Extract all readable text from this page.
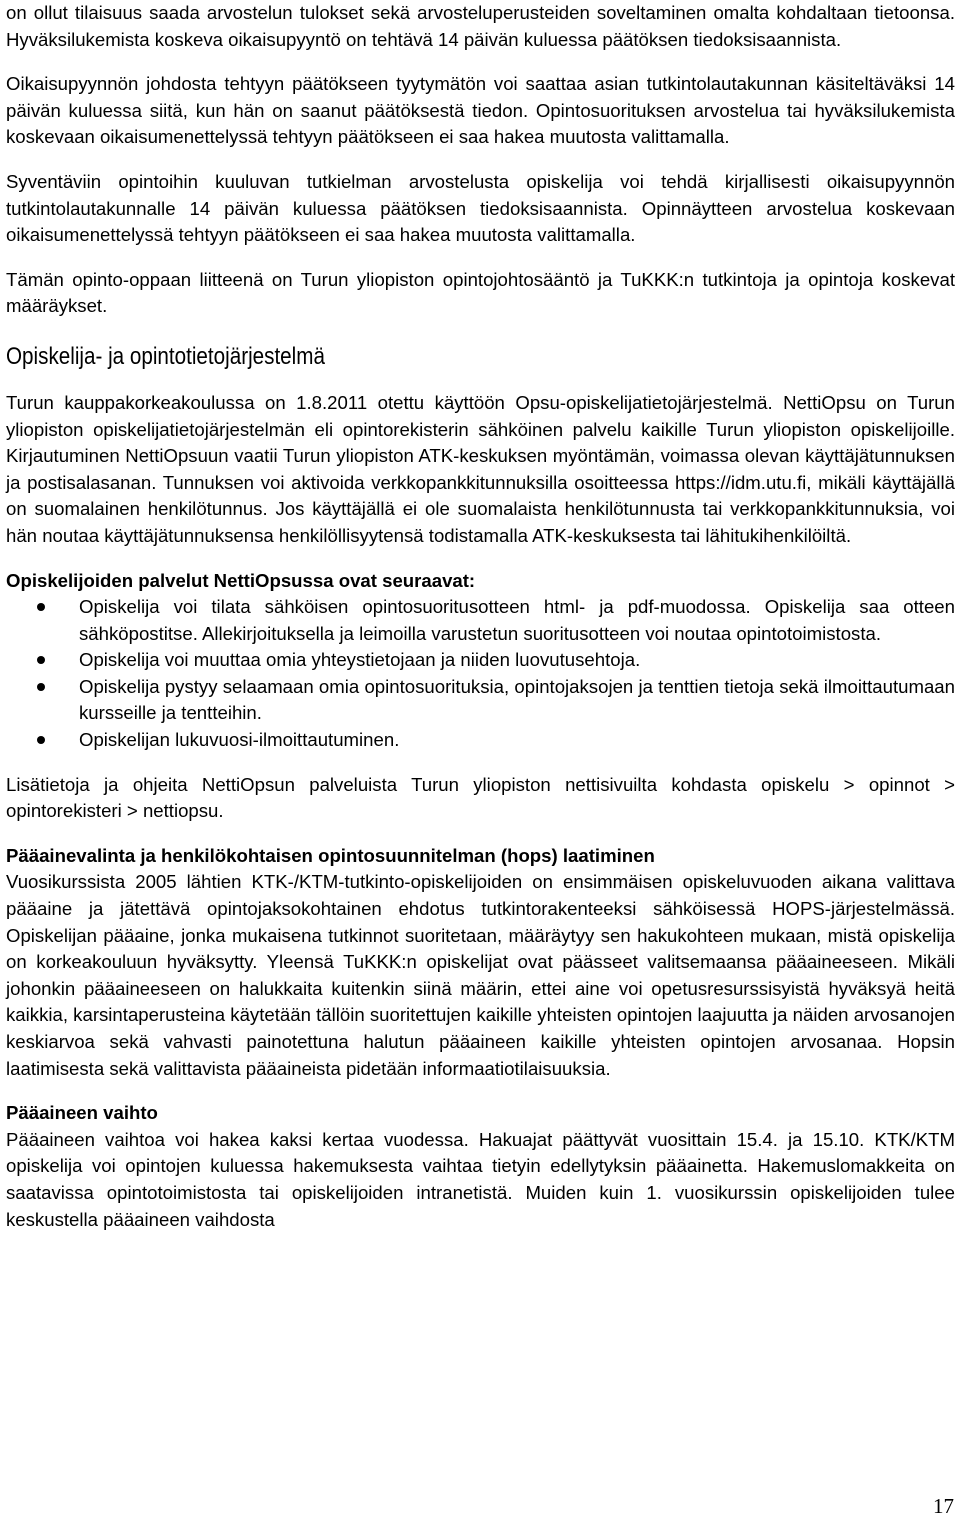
on ollut tilaisuus saada arvostelun tulokset sekä arvosteluperusteiden soveltaminen omalta kohdaltaan tietoonsa. Hyväksilukemista koskeva oikaisupyyntö on tehtävä 14 päivän kuluessa päätöksen tiedoksisaannista.

Oikaisupyynnön johdosta tehtyyn päätökseen tyytymätön voi saattaa asian tutkintolautakunnan käsiteltäväksi 14 päivän kuluessa siitä, kun hän on saanut päätöksestä tiedon. Opintosuorituksen arvostelua tai hyväksilukemista koskevaan oikaisumenettelyssä tehtyyn päätökseen ei saa hakea muutosta valittamalla.

Syventäviin opintoihin kuuluvan tutkielman arvostelusta opiskelija voi tehdä kirjallisesti oikaisupyynnön tutkintolautakunnalle 14 päivän kuluessa päätöksen tiedoksisaannista. Opinnäytteen arvostelua koskevaan oikaisumenettelyssä tehtyyn päätökseen ei saa hakea muutosta valittamalla.

Tämän opinto-oppaan liitteenä on Turun yliopiston opintojohtosääntö ja TuKKK:n tutkintoja ja opintoja koskevat määräykset.

Opiskelija- ja opintotietojärjestelmä

Turun kauppakorkeakoulussa on 1.8.2011 otettu käyttöön Opsu-opiskelijatietojärjestelmä. NettiOpsu on Turun yliopiston opiskelijatietojärjestelmän eli opintorekisterin sähköinen palvelu kaikille Turun yliopiston opiskelijoille. Kirjautuminen NettiOpsuun vaatii Turun yliopiston ATK-keskuksen myöntämän, voimassa olevan käyttäjätunnuksen ja postisalasanan. Tunnuksen voi aktivoida verkkopankkitunnuksilla osoitteessa https://idm.utu.fi, mikäli käyttäjällä on suomalainen henkilötunnus. Jos käyttäjällä ei ole suomalaista henkilötunnusta tai verkkopankkitunnuksia, voi hän noutaa käyttäjätunnuksensa henkilöllisyytensä todistamalla ATK-keskuksesta tai lähitukihenkilöiltä.

Opiskelijoiden palvelut NettiOpsussa ovat seuraavat:

Opiskelija voi tilata sähköisen opintosuoritusotteen html- ja pdf-muodossa. Opiskelija saa otteen sähköpostitse. Allekirjoituksella ja leimoilla varustetun suoritusotteen voi noutaa opintotoimistosta.
Opiskelija voi muuttaa omia yhteystietojaan ja niiden luovutusehtoja.
Opiskelija pystyy selaamaan omia opintosuorituksia, opintojaksojen ja tenttien tietoja sekä ilmoittautumaan kursseille ja tentteihin.
Opiskelijan lukuvuosi-ilmoittautuminen.

Lisätietoja ja ohjeita NettiOpsun palveluista Turun yliopiston nettisivuilta kohdasta opiskelu > opinnot > opintorekisteri > nettiopsu.

Pääainevalinta ja henkilökohtaisen opintosuunnitelman (hops) laatiminen

Vuosikurssista 2005 lähtien KTK-/KTM-tutkinto-opiskelijoiden on ensimmäisen opiskeluvuoden aikana valittava pääaine ja jätettävä opintojaksokohtainen ehdotus tutkintorakenteeksi sähköisessä HOPS-järjestelmässä. Opiskelijan pääaine, jonka mukaisena tutkinnot suoritetaan, määräytyy sen hakukohteen mukaan, mistä opiskelija on korkeakouluun hyväksytty. Yleensä TuKKK:n opiskelijat ovat päässeet valitsemaansa pääaineeseen. Mikäli johonkin pääaineeseen on halukkaita kuitenkin siinä määrin, ettei aine voi opetusresurssisyistä hyväksyä heitä kaikkia, karsintaperusteina käytetään tällöin suoritettujen kaikille yhteisten opintojen laajuutta ja näiden arvosanojen keskiarvoa sekä vahvasti painotettuna halutun pääaineen kaikille yhteisten opintojen arvosanaa. Hopsin laatimisesta sekä valittavista pääaineista pidetään informaatiotilaisuuksia.

Pääaineen vaihto

Pääaineen vaihtoa voi hakea kaksi kertaa vuodessa. Hakuajat päättyvät vuosittain 15.4. ja 15.10. KTK/KTM opiskelija voi opintojen kuluessa hakemuksesta vaihtaa tietyin edellytyksin pääainetta. Hakemuslomakkeita on saatavissa opintotoimistosta tai opiskelijoiden intranetistä. Muiden kuin 1. vuosikurssin opiskelijoiden tulee keskustella pääaineen vaihdosta

17
